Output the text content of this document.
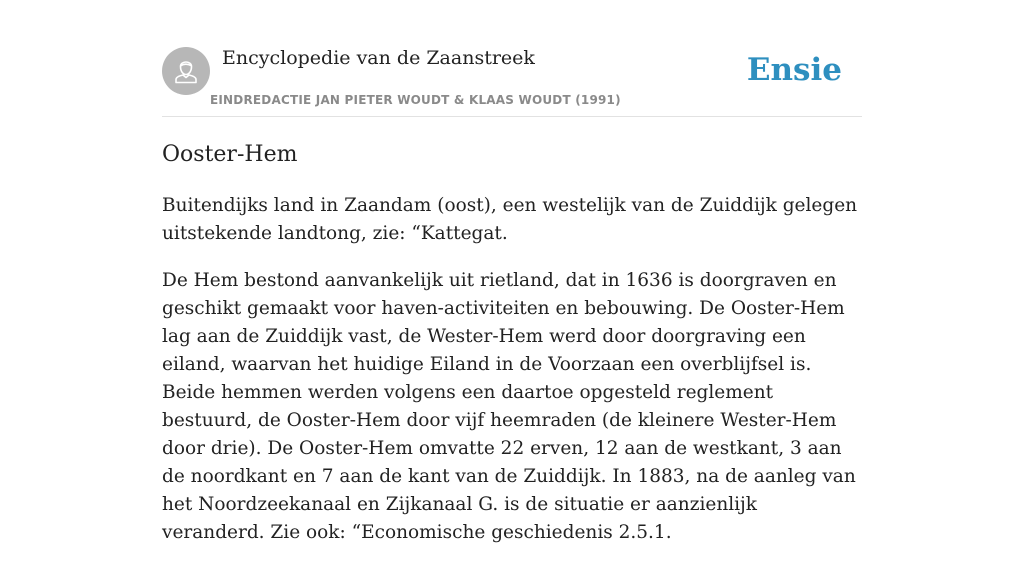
Encyclopedie van de Zaanstreek
EINDREDACTIE JAN PIETER WOUDT & KLAAS WOUDT (1991)
Ensie
Ooster-Hem

Buitendijks land in Zaandam (oost), een westelijk van de Zuiddijk gelegen uitstekende landtong, zie: “Kattegat.

De Hem bestond aanvankelijk uit rietland, dat in 1636 is doorgraven en geschikt gemaakt voor haven-activiteiten en bebouwing. De Ooster-Hem lag aan de Zuiddijk vast, de Wester-Hem werd door doorgraving een eiland, waarvan het huidige Eiland in de Voorzaan een overblijfsel is. Beide hemmen werden volgens een daartoe opgesteld reglement bestuurd, de Ooster-Hem door vijf heemraden (de kleinere Wester-Hem door drie). De Ooster-Hem omvatte 22 erven, 12 aan de westkant, 3 aan de noordkant en 7 aan de kant van de Zuiddijk. In 1883, na de aanleg van het Noordzeekanaal en Zijkanaal G. is de situatie er aanzienlijk veranderd. Zie ook: “Economische geschiedenis 2.5.1.
